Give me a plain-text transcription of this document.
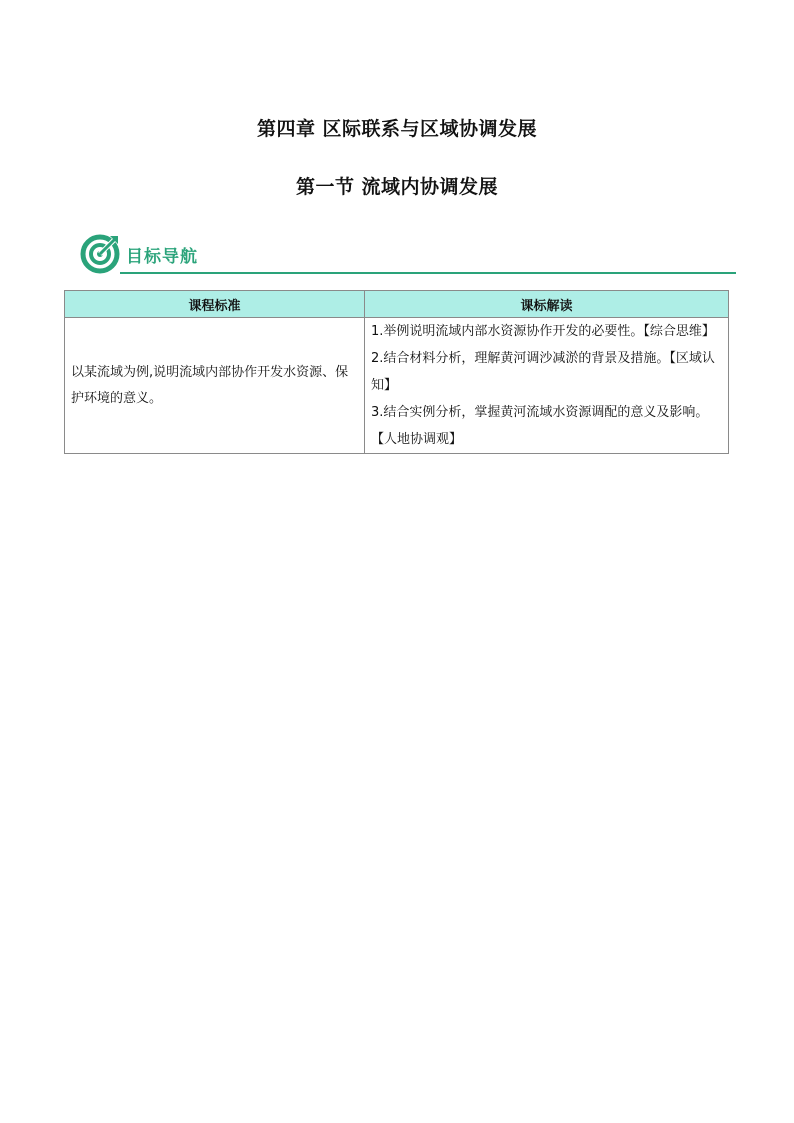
第四章 区际联系与区域协调发展
第一节 流域内协调发展
目标导航
课程标准	课标解读
以某流域为例,说明流域内部协作开发水资源、保护环境的意义。	1.举例说明流域内部水资源协作开发的必要性。【综合思维】
2.结合材料分析，理解黄河调沙减淤的背景及措施。【区域认知】
3.结合实例分析，掌握黄河流域水资源调配的意义及影响。【人地协调观】
